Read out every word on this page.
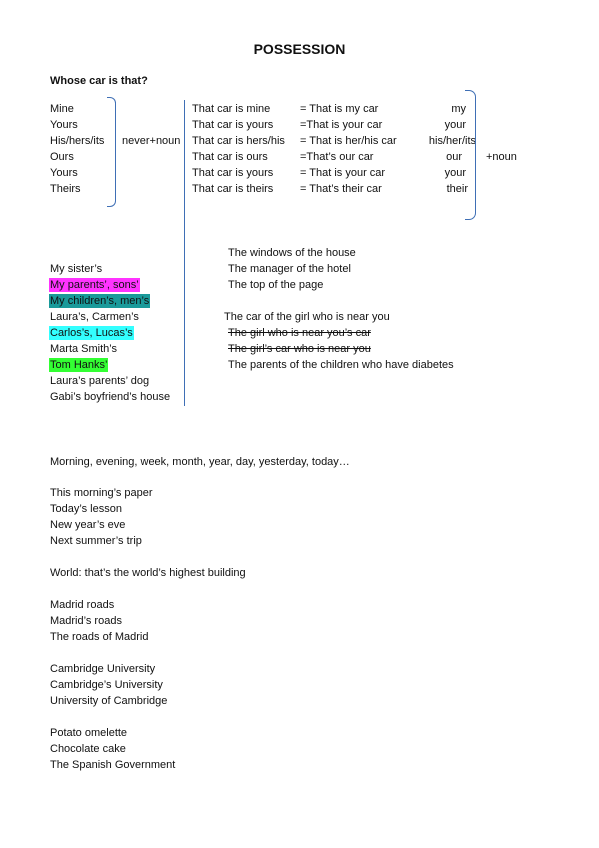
POSSESSION
Whose car is that?
Mine
Yours
His/hers/its
Ours
Yours
Theirs
never+noun
That car is mine
That car is yours
That car is hers/his
That car is ours
That car is yours
That car is theirs
= That is my car
=That is your car
= That is her/his car
=That’s our car
= That is your car
= That’s their car
my
your
his/her/its
our
your
their
+noun
My sister’s
My parents’, sons’
My children’s, men’s
Laura’s, Carmen’s
Carlos’s, Lucas’s
Marta Smith’s
Tom Hanks’
Laura’s parents’ dog
Gabi’s boyfriend’s house
The windows of the house
The manager of the hotel
The top of the page
The car of the girl who is near you
The girl who is near you’s car
The girl’s car who is near you
The parents of the children who have diabetes
Morning, evening, week, month, year, day, yesterday, today…
This morning’s paper
Today’s lesson
New year’s eve
Next summer’s trip
World: that’s the world’s highest building
Madrid roads
Madrid’s roads
The roads of Madrid
Cambridge University
Cambridge’s University
University of Cambridge
Potato omelette
Chocolate cake
The Spanish Government
